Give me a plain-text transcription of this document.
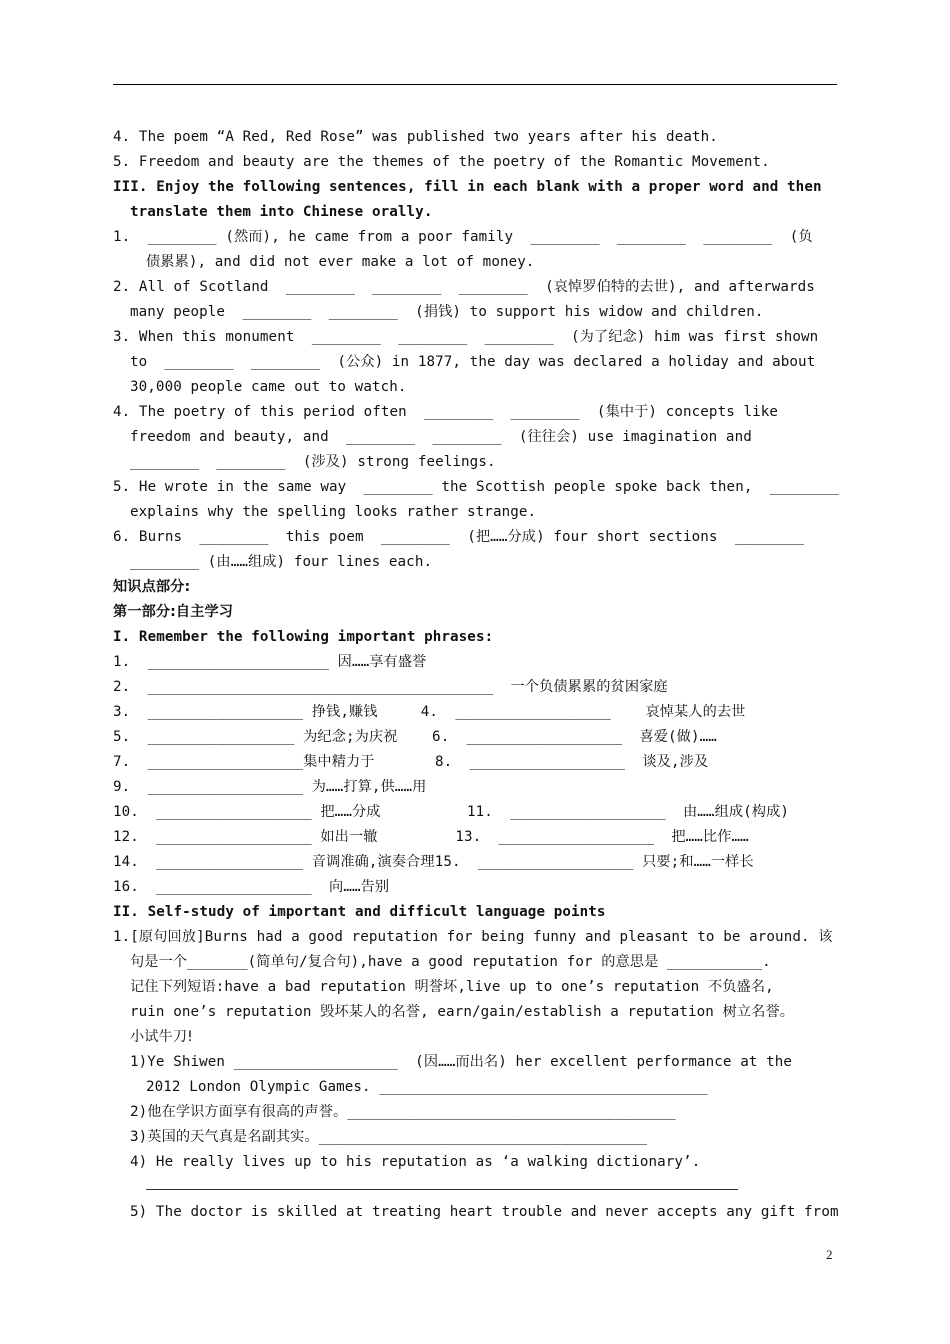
4. The poem “A Red, Red Rose” was published two years after his death.
5. Freedom and beauty are the themes of the poetry of the Romantic Movement.
III. Enjoy the following sentences, fill in each blank with a proper word and then
translate them into Chinese orally.
1.  ________ (然而), he came from a poor family  ________  ________  ________  (负
债累累), and did not ever make a lot of money.
2. All of Scotland  ________  ________  ________  (哀悼罗伯特的去世), and afterwards
many people  ________  ________  (捐钱) to support his widow and children.
3. When this monument  ________  ________  ________  (为了纪念) him was first shown
to  ________  ________  (公众) in 1877, the day was declared a holiday and about
30,000 people came out to watch.
4. The poetry of this period often  ________  ________  (集中于) concepts like
freedom and beauty, and  ________  ________  (往往会) use imagination and
________  ________  (涉及) strong feelings.
5. He wrote in the same way  ________ the Scottish people spoke back then,  ________
explains why the spelling looks rather strange.
6. Burns  ________  this poem  ________  (把……分成) four short sections  ________
________ (由……组成) four lines each.
知识点部分:
第一部分:自主学习
I. Remember the following important phrases:
1.  _____________________ 因……享有盛誉
2.  ________________________________________  一个负债累累的贫困家庭
3.  __________________ 挣钱,赚钱     4.  __________________    哀悼某人的去世
5.  _________________ 为纪念;为庆祝    6.  __________________  喜爱(做)……
7.  __________________集中精力于       8.  __________________  谈及,涉及
9.  __________________ 为……打算,供……用
10.  __________________ 把……分成          11.  __________________  由……组成(构成)
12.  __________________ 如出一辙         13.  __________________  把……比作……
14.  _________________ 音调准确,演奏合理15.  __________________ 只要;和……一样长
16.  __________________  向……告别
II. Self-study of important and difficult language points
1.[原句回放]Burns had a good reputation for being funny and pleasant to be around. 该
句是一个_______(简单句/复合句),have a good reputation for 的意思是 ___________.
记住下列短语:have a bad reputation 明誉坏,live up to one’s reputation 不负盛名,
ruin one’s reputation 毁坏某人的名誉, earn/gain/establish a reputation 树立名誉。
小试牛刀!
1)Ye Shiwen ___________________  (因……而出名) her excellent performance at the
2012 London Olympic Games. ______________________________________
2)他在学识方面享有很高的声誉。______________________________________
3)英国的天气真是名副其实。______________________________________
4) He really lives up to his reputation as ‘a walking dictionary’.
5) The doctor is skilled at treating heart trouble and never accepts any gift from
2
